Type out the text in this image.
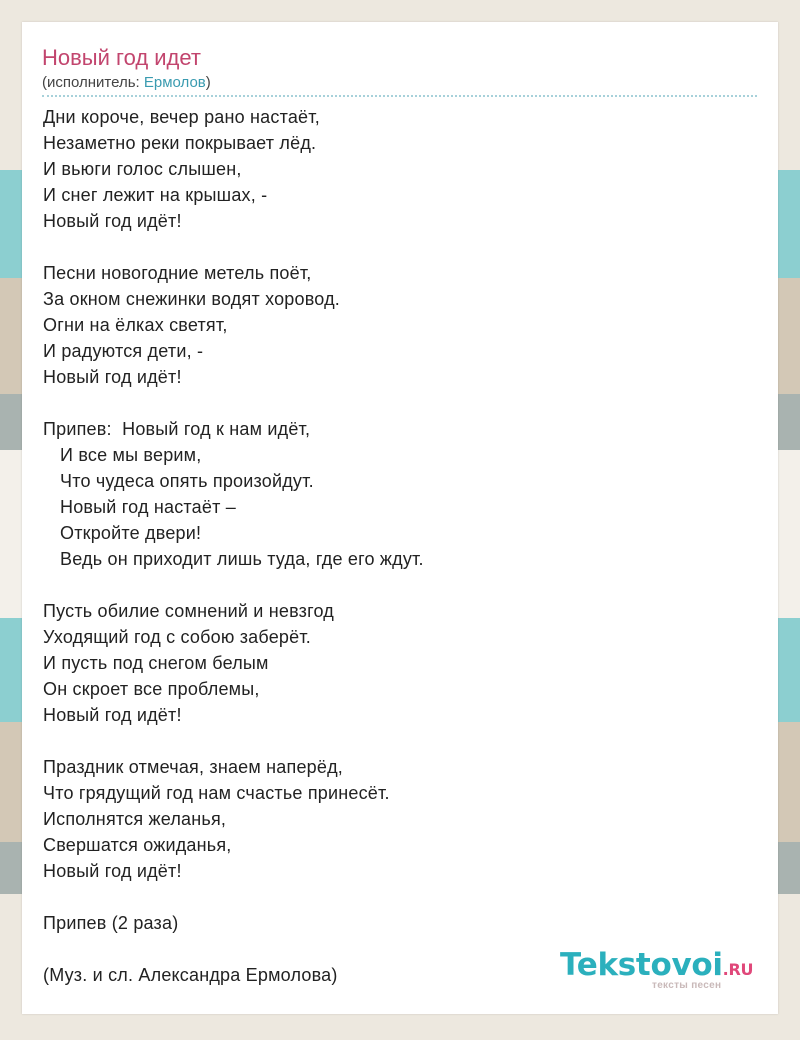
Новый год идет
(исполнитель: Ермолов)
Дни короче, вечер рано настаёт,
Незаметно реки покрывает лёд.
И вьюги голос слышен,
И снег лежит на крышах, -
Новый год идёт!
Песни новогодние метель поёт,
За окном снежинки водят хоровод.
Огни на ёлках светят,
И радуются дети, -
Новый год идёт!
Припев:  Новый год к нам идёт,
И все мы верим,
Что чудеса опять произойдут.
Новый год настаёт –
Откройте двери!
Ведь он приходит лишь туда, где его ждут.
Пусть обилие сомнений и невзгод
Уходящий год с собою заберёт.
И пусть под снегом белым
Он скроет все проблемы,
Новый год идёт!
Праздник отмечая, знаем наперёд,
Что грядущий год нам счастье принесёт.
Исполнятся желанья,
Свершатся ожиданья,
Новый год идёт!
Припев (2 раза)
(Муз. и сл. Александра Ермолова)	Tekstovoi.RU
тексты песен
